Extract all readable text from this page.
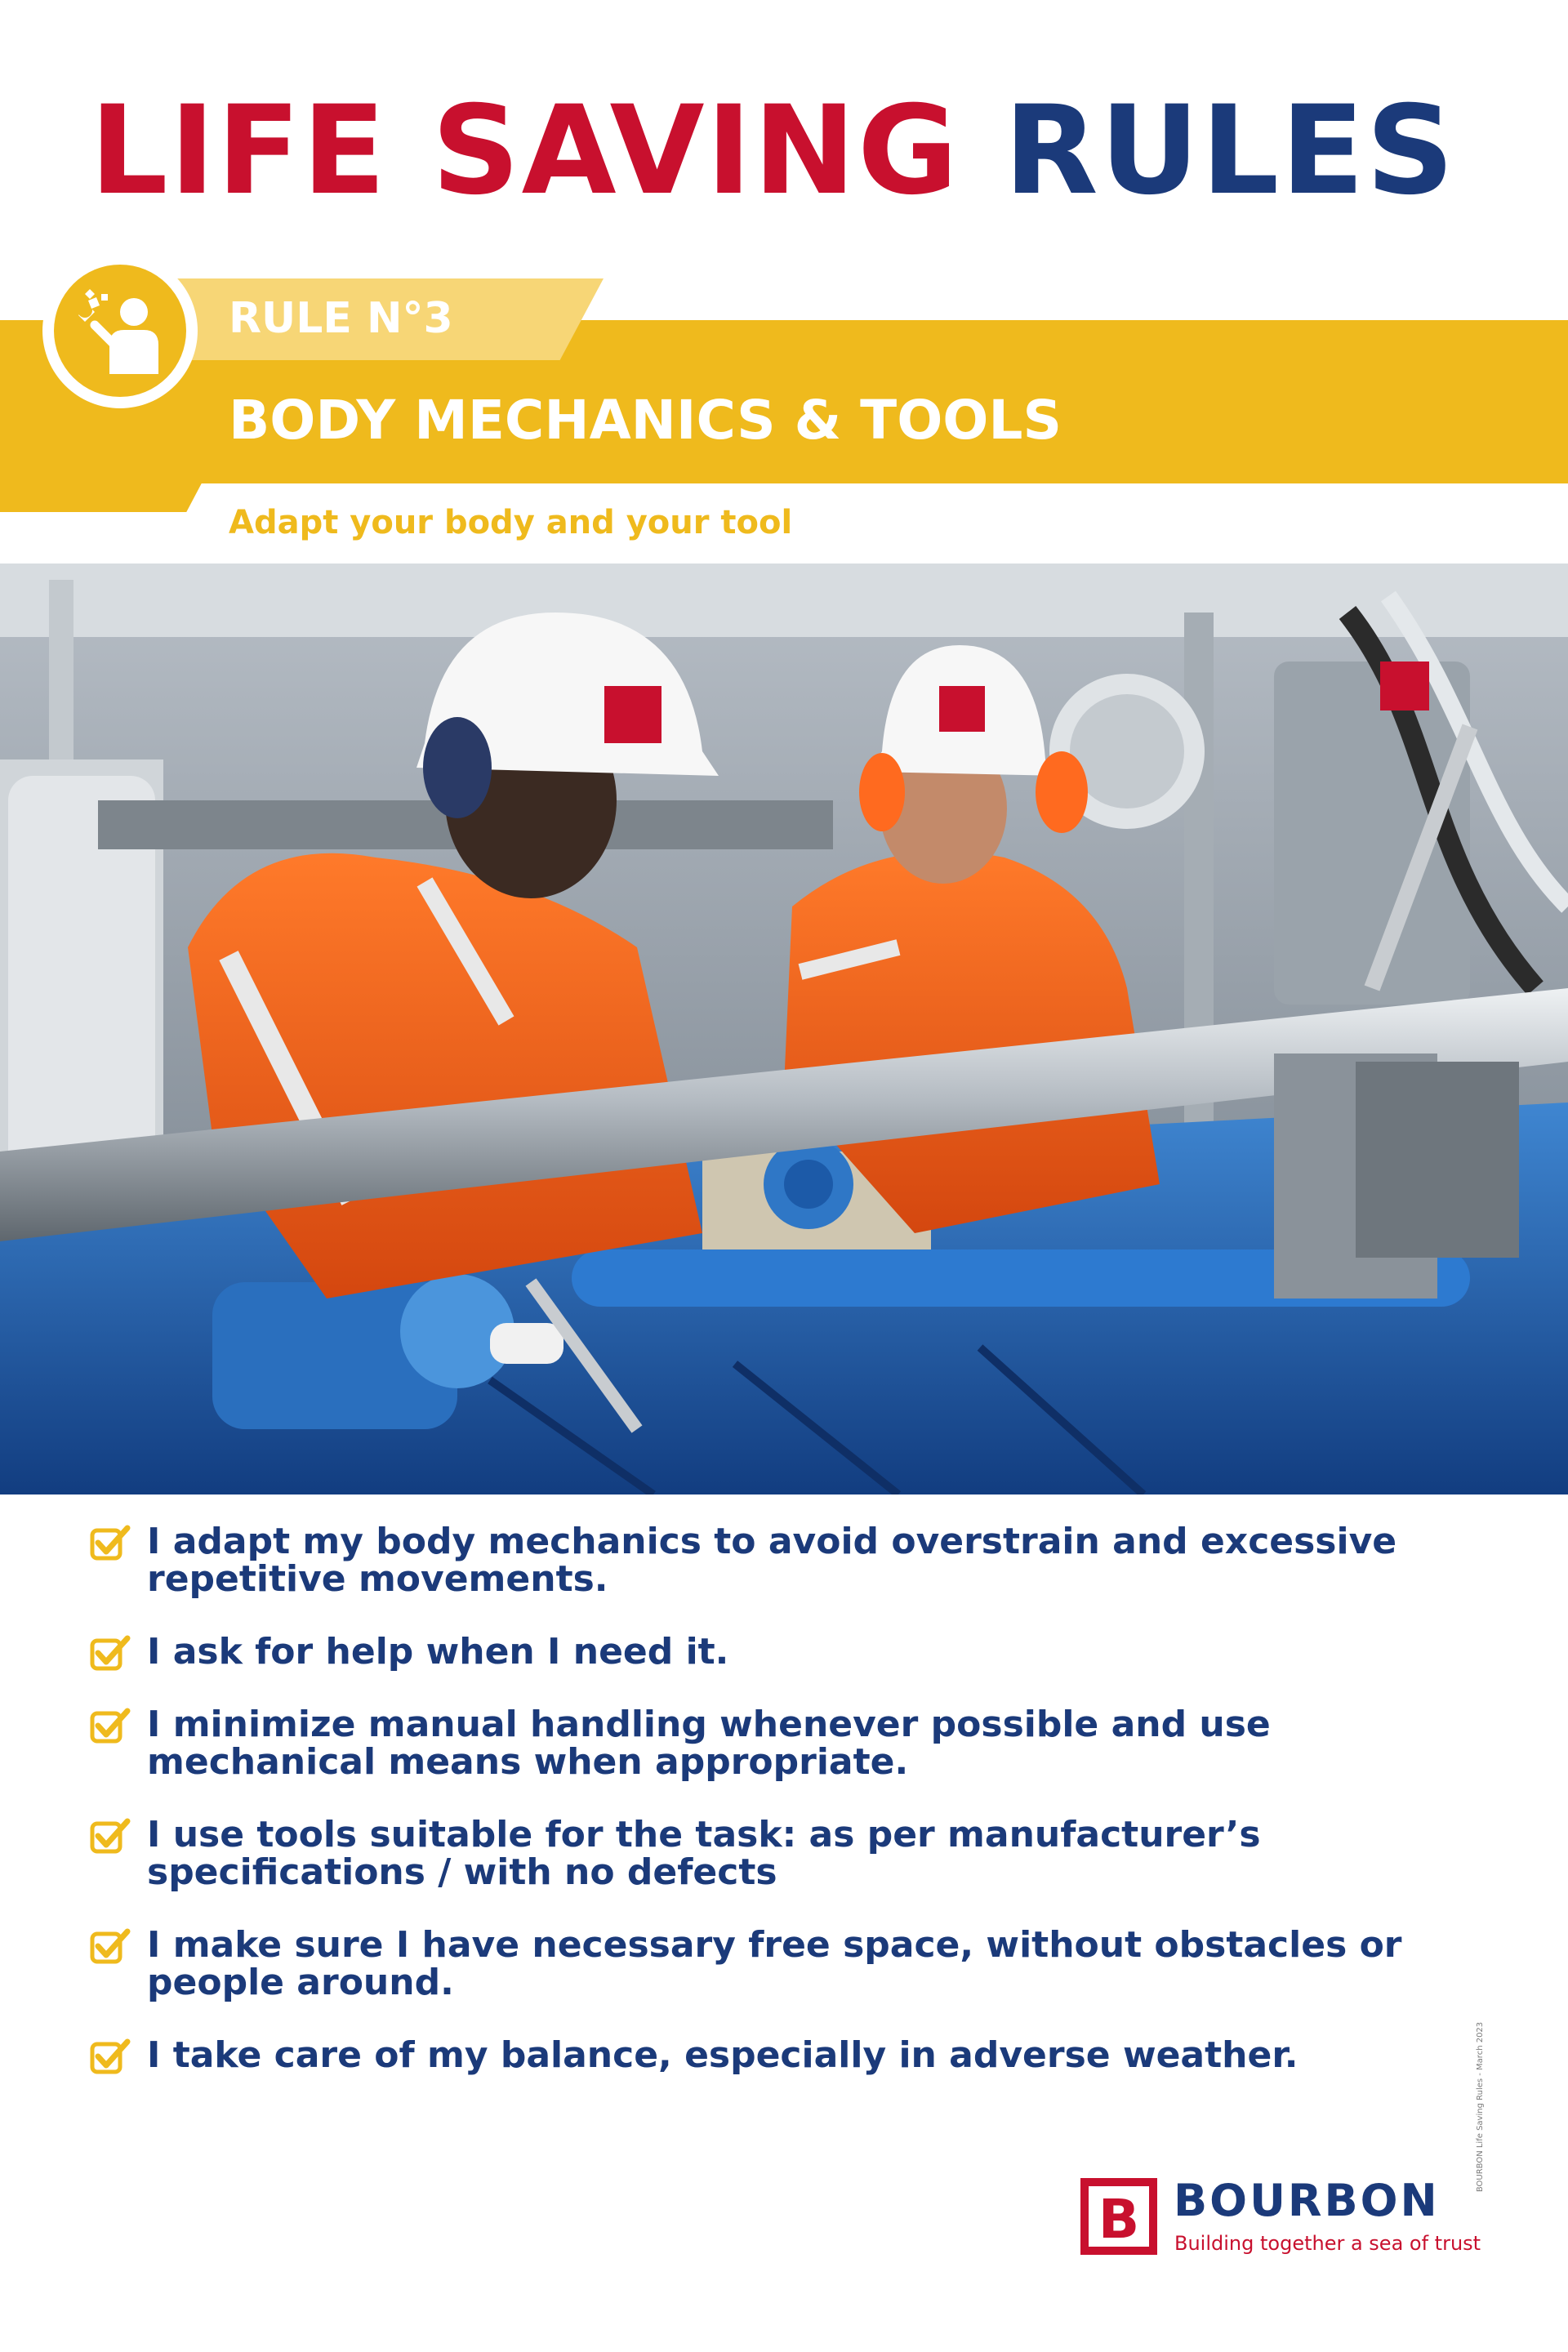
LIFE SAVING RULES
RULE N°3
BODY MECHANICS & TOOLS
Adapt your body and your tool
I adapt my body mechanics to avoid overstrain and excessive repetitive movements.
I ask for help when I need it.
I minimize manual handling whenever possible and use mechanical means when appropriate.
I use tools suitable for the task: as per manufacturer’s specifications / with no defects
I make sure I have necessary free space, without obstacles or people around.
I take care of my balance, especially in adverse weather.	BOURBON Life Saving Rules - March 2023
B BOURBON
Building together a sea of trust
